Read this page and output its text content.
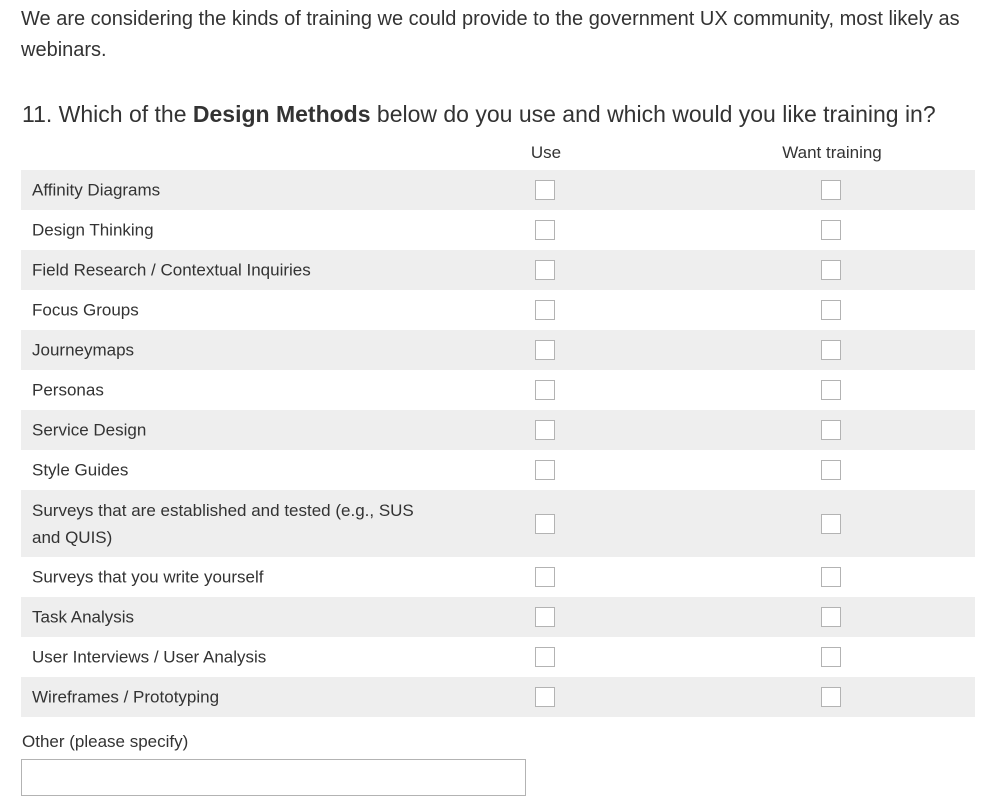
We are considering the kinds of training we could provide to the government UX community, most likely as webinars.
11. Which of the Design Methods below do you use and which would you like training in?
Use	Want training
Affinity Diagrams
Design Thinking
Field Research / Contextual Inquiries
Focus Groups
Journeymaps
Personas
Service Design
Style Guides
Surveys that are established and tested (e.g., SUS and QUIS)
Surveys that you write yourself
Task Analysis
User Interviews / User Analysis
Wireframes / Prototyping
Other (please specify)
